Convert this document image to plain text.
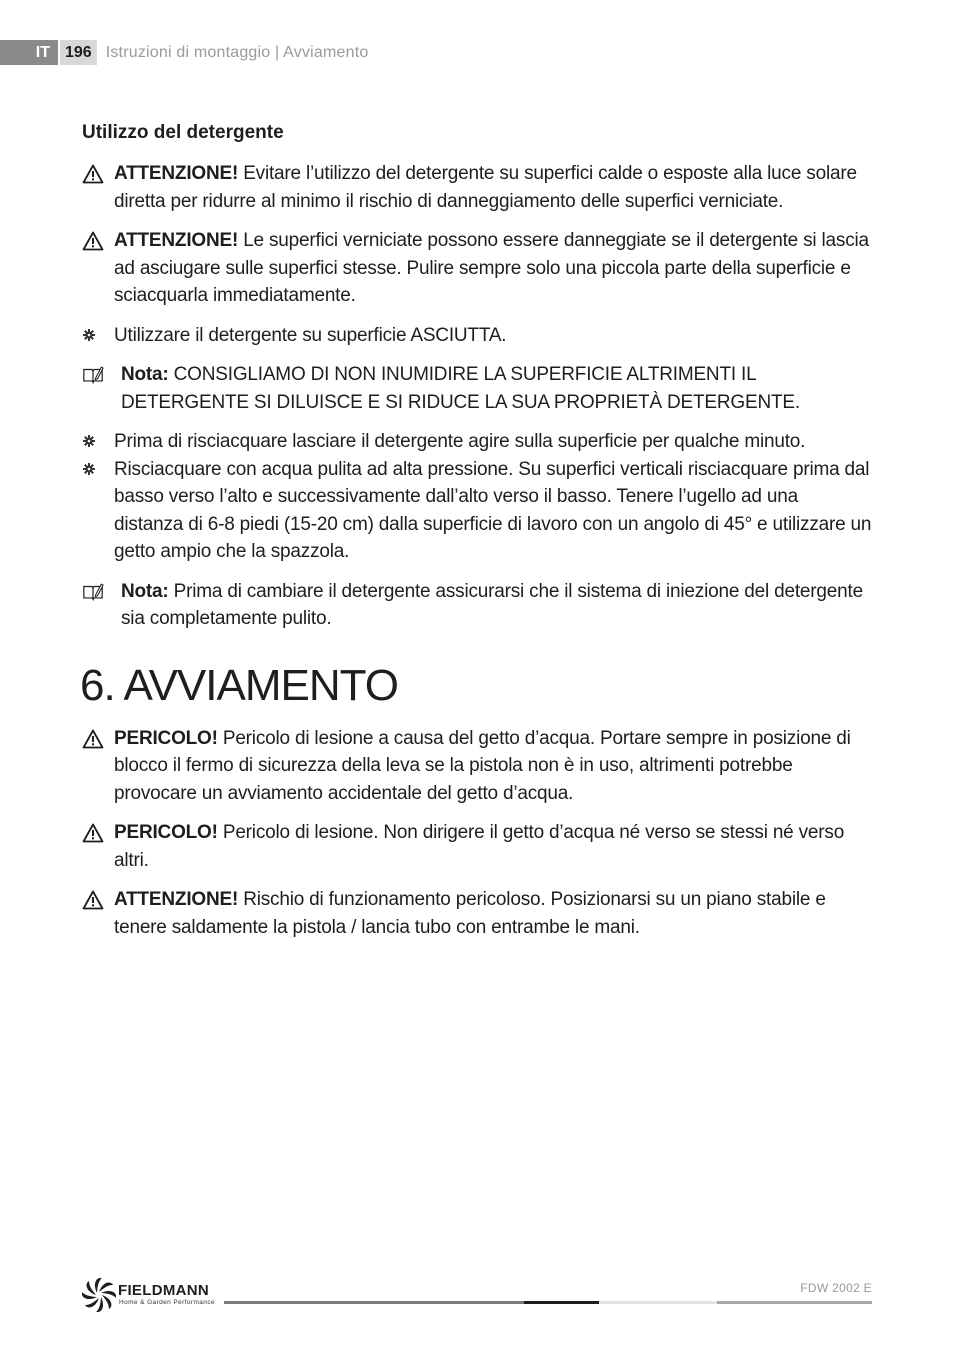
IT 196 Istruzioni di montaggio | Avviamento
Utilizzo del detergente
ATTENZIONE! Evitare l’utilizzo del detergente su superfici calde o esposte alla luce solare diretta per ridurre al minimo il rischio di danneggiamento delle superfici verniciate.
ATTENZIONE! Le superfici verniciate possono essere danneggiate se il detergente si lascia ad asciugare sulle superfici stesse. Pulire sempre solo una piccola parte della superficie e sciacquarla immediatamente.
Utilizzare il detergente su superficie ASCIUTTA.
Nota: CONSIGLIAMO DI NON INUMIDIRE LA SUPERFICIE ALTRIMENTI IL DETERGENTE SI DILUISCE E SI RIDUCE LA SUA PROPRIETÀ DETERGENTE.
Prima di risciacquare lasciare il detergente agire sulla superficie per qualche minuto.
Risciacquare con acqua pulita ad alta pressione. Su superfici verticali risciacquare prima dal basso verso l’alto e successivamente dall’alto verso il basso. Tenere l’ugello ad una distanza di 6-8 piedi (15-20 cm) dalla superficie di lavoro con un angolo di 45° e utilizzare un getto ampio che la spazzola.
Nota: Prima di cambiare il detergente assicurarsi che il sistema di iniezione del detergente sia completamente pulito.
6. AVVIAMENTO
PERICOLO! Pericolo di lesione a causa del getto d’acqua. Portare sempre in posizione di blocco il fermo di sicurezza della leva se la pistola non è in uso, altrimenti potrebbe provocare un avviamento accidentale del getto d’acqua.
PERICOLO! Pericolo di lesione. Non dirigere il getto d’acqua né verso se stessi né verso altri.
ATTENZIONE! Rischio di funzionamento pericoloso. Posizionarsi su un piano stabile e tenere saldamente la pistola / lancia tubo con entrambe le mani.
FIELDMANN
Home & Garden Performance
FDW 2002 E
